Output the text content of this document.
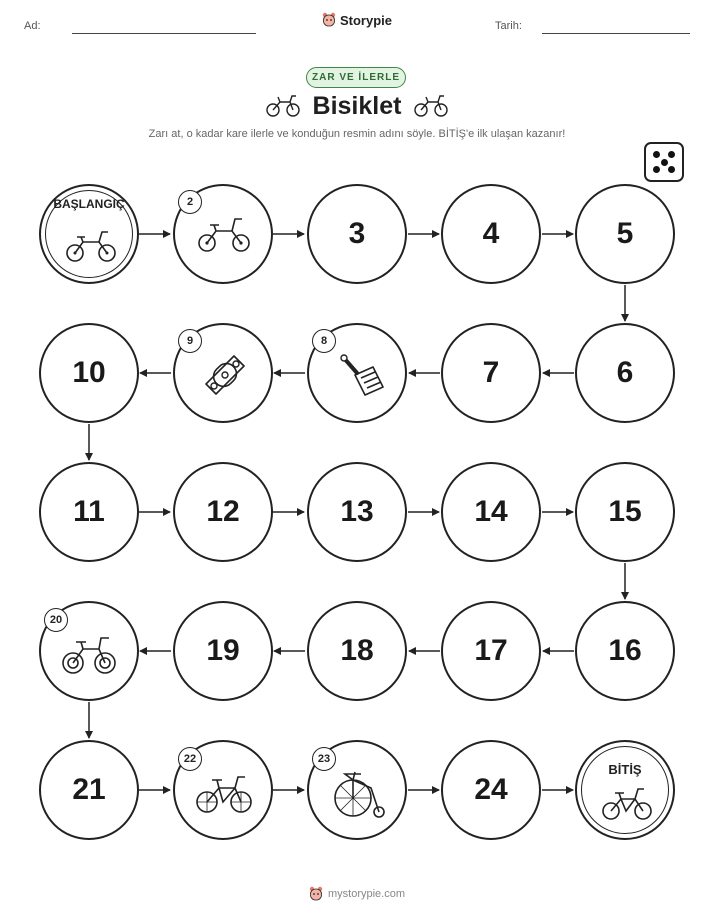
Ad:	Storypie	Tarih:
ZAR VE İLERLE
Bisiklet
Zarı at, o kadar kare ilerle ve konduğun resmin adını söyle. BİTİŞ'e ilk ulaşan kazanır!
BAŞLANGIÇ	2
3	4	5
10
9	8
7	6
11	12	13	14	15
20
19	18	17	16
21
22	23
24
BİTİŞ
mystorypie.com
